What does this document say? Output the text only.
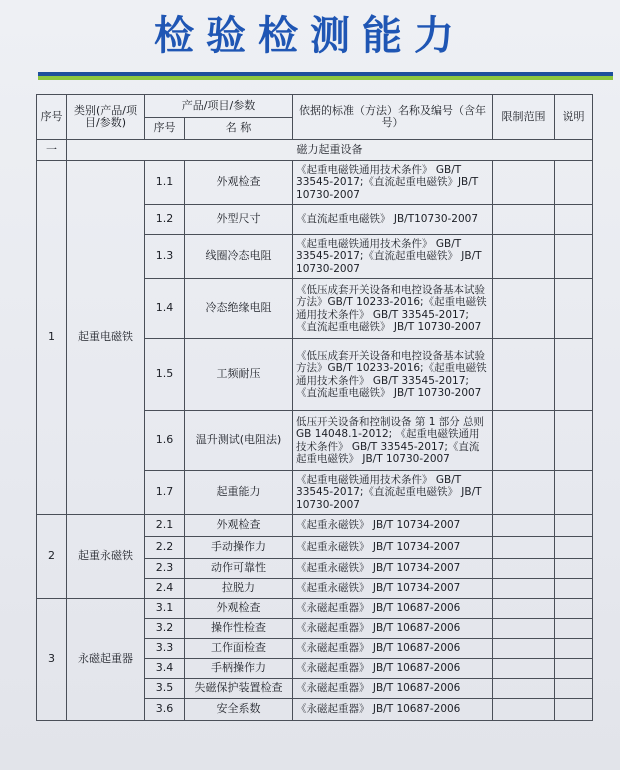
检验检测能力
序号	类别(产品/项目/参数)	产品/项目/参数		依据的标准（方法）名称及编号（含年号）	限制范围	说明
		序号	名 称			
一	磁力起重设备					
1	起重电磁铁	1.1	外观检查	《起重电磁铁通用技术条件》 GB/T 33545-2017;《直流起重电磁铁》JB/T 10730-2007		
		1.2	外型尺寸	《直流起重电磁铁》 JB/T10730-2007		
		1.3	线圈冷态电阻	《起重电磁铁通用技术条件》 GB/T 33545-2017;《直流起重电磁铁》 JB/T 10730-2007		
		1.4	冷态绝缘电阻	《低压成套开关设备和电控设备基本试验方法》GB/T 10233-2016;《起重电磁铁通用技术条件》 GB/T 33545-2017;《直流起重电磁铁》 JB/T 10730-2007		
		1.5	工频耐压	《低压成套开关设备和电控设备基本试验方法》GB/T 10233-2016;《起重电磁铁通用技术条件》 GB/T 33545-2017;《直流起重电磁铁》 JB/T 10730-2007		
		1.6	温升测试(电阻法)	低压开关设备和控制设备 第 1 部分 总则 GB 14048.1-2012; 《起重电磁铁通用技术条件》 GB/T 33545-2017;《直流起重电磁铁》 JB/T 10730-2007		
		1.7	起重能力	《起重电磁铁通用技术条件》 GB/T 33545-2017;《直流起重电磁铁》 JB/T 10730-2007		
2	起重永磁铁	2.1	外观检查	《起重永磁铁》 JB/T 10734-2007		
		2.2	手动操作力	《起重永磁铁》 JB/T 10734-2007		
		2.3	动作可靠性	《起重永磁铁》 JB/T 10734-2007		
		2.4	拉脱力	《起重永磁铁》 JB/T 10734-2007		
3	永磁起重器	3.1	外观检查	《永磁起重器》 JB/T 10687-2006		
		3.2	操作性检查	《永磁起重器》 JB/T 10687-2006		
		3.3	工作面检查	《永磁起重器》 JB/T 10687-2006		
		3.4	手柄操作力	《永磁起重器》 JB/T 10687-2006		
		3.5	失磁保护装置检查	《永磁起重器》 JB/T 10687-2006		
		3.6	安全系数	《永磁起重器》 JB/T 10687-2006		
